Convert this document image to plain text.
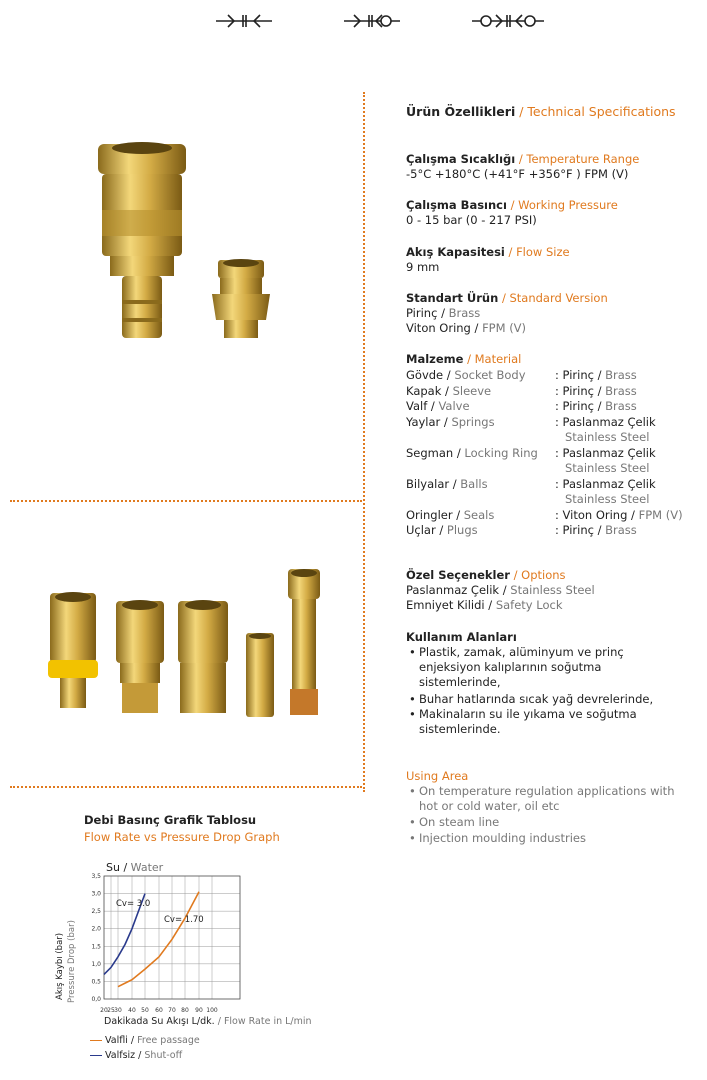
Ürün Özellikleri / Technical Specifications
Çalışma Sıcaklığı / Temperature Range
-5°C +180°C (+41°F +356°F ) FPM (V)
Çalışma Basıncı / Working Pressure
0 - 15 bar (0 - 217 PSI)
Akış Kapasitesi / Flow Size
9 mm
Standart Ürün / Standard Version
Pirinç / Brass
Viton Oring / FPM (V)
Malzeme / Material
Gövde / Socket Body	: Pirinç / Brass
Kapak / Sleeve	: Pirinç / Brass
Valf / Valve	: Pirinç / Brass
Yaylar / Springs	: Paslanmaz Çelik
Stainless Steel
Segman / Locking Ring : Paslanmaz Çelik
Stainless Steel
Bilyalar / Balls	: Paslanmaz Çelik
Stainless Steel
Oringler / Seals	: Viton Oring / FPM (V)
Uçlar / Plugs	: Pirinç / Brass
Özel Seçenekler / Options
Paslanmaz Çelik / Stainless Steel
Emniyet Kilidi / Safety Lock
Kullanım Alanları
• Plastik, zamak, alüminyum ve prinç enjeksiyon kalıplarının soğutma sistemlerinde,
• Buhar hatlarında sıcak yağ devrelerinde,
• Makinaların su ile yıkama ve soğutma sistemlerinde.
Using Area
• On temperature regulation applications with hot or cold water, oil etc
• On steam line
• Injection moulding industries
Debi Basınç Grafik Tablosu
Flow Rate vs Pressure Drop Graph
Su / Water
0,0
0,5
1,0
1,5
2,0
2,5
3,0
3,5
20 25 30 40 50 60 70 80 90 100
Cv= 3.0
Cv= 1.70
Akış Kaybı (bar) Pressure Drop (bar)
Dakikada Su Akışı L/dk. / Flow Rate in L/min
Valfli / Free passage
Valfsiz / Shut-off
